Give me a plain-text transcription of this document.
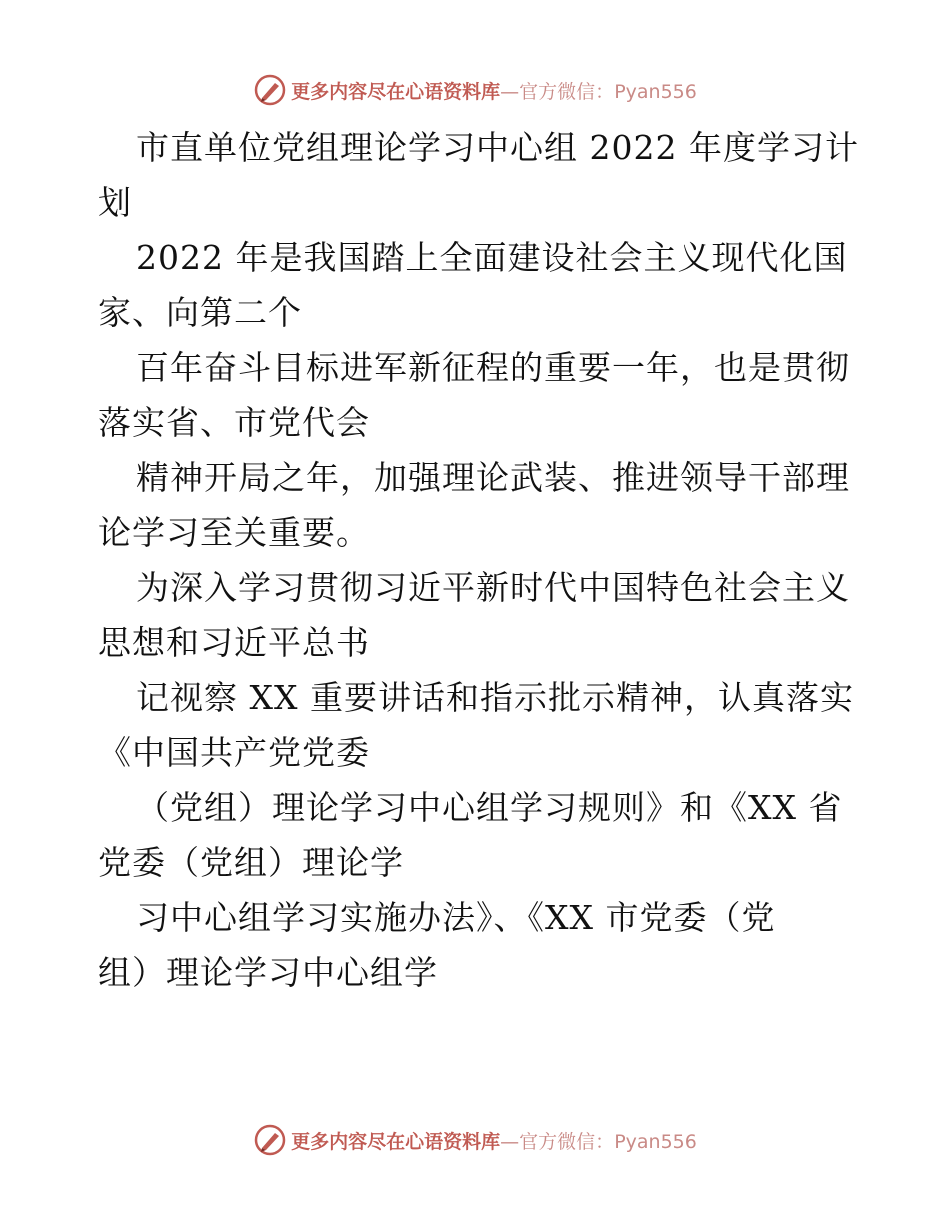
更多内容尽在心语资料库—官方微信：Pyan556
市直单位党组理论学习中心组 2022 年度学习计
划
2022 年是我国踏上全面建设社会主义现代化国
家、向第二个
百年奋斗目标进军新征程的重要一年，也是贯彻
落实省、市党代会
精神开局之年，加强理论武装、推进领导干部理
论学习至关重要。
为深入学习贯彻习近平新时代中国特色社会主义
思想和习近平总书
记视察 XX 重要讲话和指示批示精神，认真落实
《中国共产党党委
（党组）理论学习中心组学习规则》和《XX 省
党委（党组）理论学
习中心组学习实施办法》、《XX 市党委（党
组）理论学习中心组学
更多内容尽在心语资料库—官方微信：Pyan556
